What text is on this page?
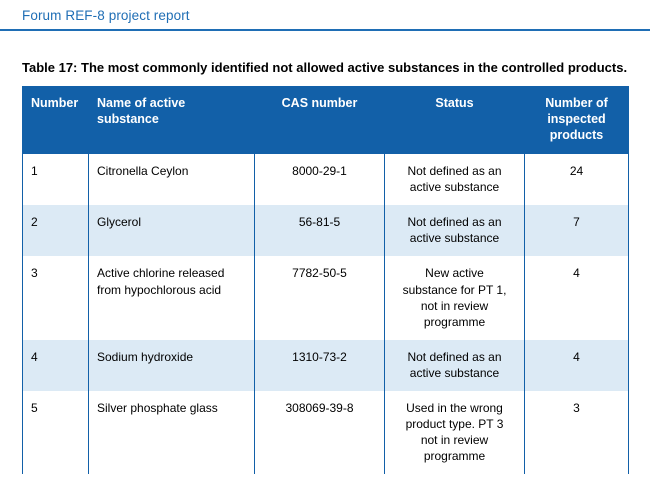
Forum REF-8 project report
Table 17: The most commonly identified not allowed active substances in the controlled products.
Number	Name of active substance	CAS number	Status	Number of inspected products
1	Citronella Ceylon	8000-29-1	Not defined as an
active substance	24
2	Glycerol	56-81-5	Not defined as an
active substance	7
3	Active chlorine released from hypochlorous acid	7782-50-5	New active
substance for PT 1,
not in review
programme	4
4	Sodium hydroxide	1310-73-2	Not defined as an
active substance	4
5	Silver phosphate glass	308069-39-8	Used in the wrong
product type. PT 3
not in review
programme	3
